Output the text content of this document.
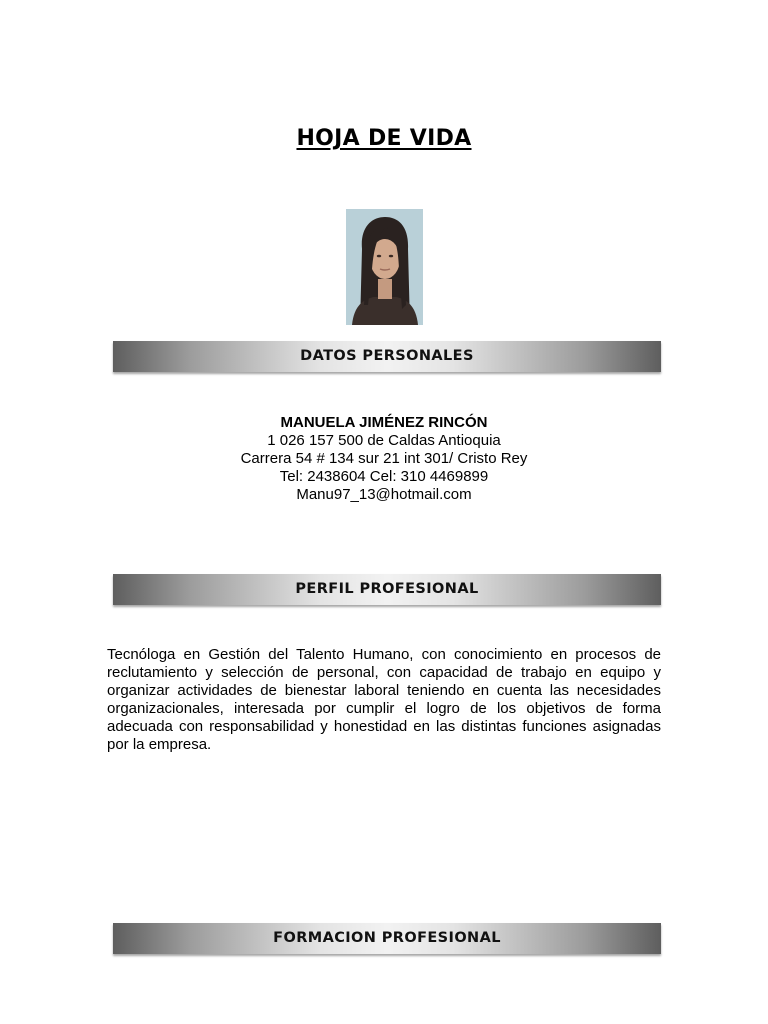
HOJA DE VIDA
DATOS PERSONALES
MANUELA JIMÉNEZ RINCÓN
1 026 157 500 de Caldas Antioquia
Carrera 54 # 134 sur 21 int 301/ Cristo Rey
Tel: 2438604 Cel: 310 4469899
Manu97_13@hotmail.com
PERFIL PROFESIONAL
Tecnóloga en Gestión del Talento Humano, con conocimiento en procesos de reclutamiento y selección de personal, con capacidad de trabajo en equipo y organizar actividades de bienestar laboral teniendo en cuenta las necesidades organizacionales, interesada por cumplir el logro de los objetivos de forma adecuada con responsabilidad y honestidad en las distintas funciones asignadas por la empresa.
FORMACION PROFESIONAL
